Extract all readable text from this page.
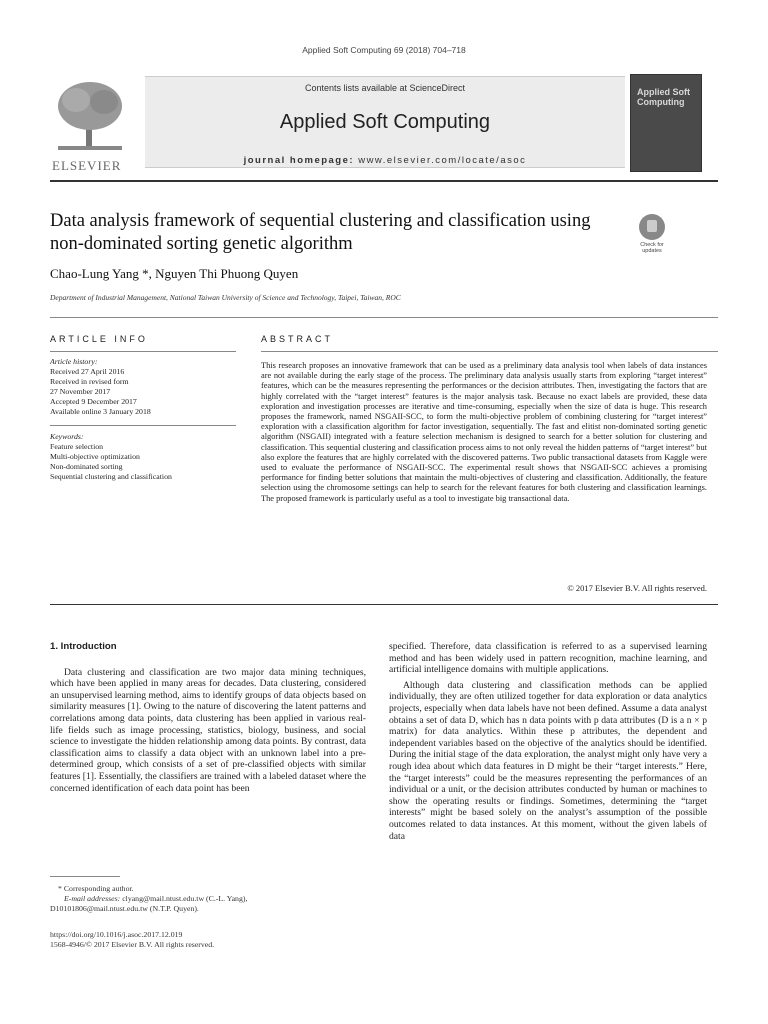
Applied Soft Computing 69 (2018) 704–718
ELSEVIER
Contents lists available at ScienceDirect
Applied Soft Computing
journal homepage: www.elsevier.com/locate/asoc
Applied Soft Computing
Data analysis framework of sequential clustering and classification using non-dominated sorting genetic algorithm	Check for updates
Chao-Lung Yang *, Nguyen Thi Phuong Quyen
Department of Industrial Management, National Taiwan University of Science and Technology, Taipei, Taiwan, ROC
ARTICLE INFO	ABSTRACT
Article history:
Received 27 April 2016
Received in revised form
27 November 2017
Accepted 9 December 2017
Available online 3 January 2018
Keywords:
Feature selection
Multi-objective optimization
Non-dominated sorting
Sequential clustering and classification
This research proposes an innovative framework that can be used as a preliminary data analysis tool when labels of data instances are not available during the early stage of the process. The preliminary data analysis usually starts from exploring “target interest” features, which can be the measures representing the performances or the decision attributes. Then, investigating the factors that are highly correlated with the “target interest” features is the major analysis task. Because no exact labels are provided, these data exploration and investigation processes are iterative and time-consuming, especially when the size of data is huge. This research proposes the framework, named NSGAII-SCC, to form the multi-objective problem of combining clustering for “target interest” exploration with a classification algorithm for factor investigation, sequentially. The fast and elitist non-dominated sorting genetic algorithm (NSGAII) integrated with a feature selection mechanism is designed to search for a better solution for clustering and classification. This sequential clustering and classification process aims to not only reveal the hidden patterns of “target interest” but also explore the features that are highly correlated with the discovered patterns. Two public transactional datasets from Kaggle were used to evaluate the performance of NSGAII-SCC. The experimental result shows that NSGAII-SCC achieves a promising performance for finding better solutions that maintain the multi-objectives of clustering and classification. Additionally, the feature selection using the chromosome settings can help to search for the relevant features for both clustering and classification learnings. The proposed framework is particularly useful as a tool to investigate big transactional data.
© 2017 Elsevier B.V. All rights reserved.

1. Introduction

Data clustering and classification are two major data mining techniques, which have been applied in many areas for decades. Data clustering, considered an unsupervised learning method, aims to identify groups of data objects based on similarity measures [1]. Owing to the nature of discovering the latent patterns and correlations among data points, data clustering has been applied in various real-life fields such as image processing, statistics, biology, business, and social science to investigate the hidden relationship among data points. By contrast, data classification aims to classify a data object with an unknown label into a pre-determined group, which consists of a set of pre-classified objects with similar features [1]. Essentially, the classifiers are trained with a labeled dataset where the concerned identification of each data point has been

specified. Therefore, data classification is referred to as a supervised learning method and has been widely used in pattern recognition, machine learning, and artificial intelligence domains with multiple applications.

Although data clustering and classification methods can be applied individually, they are often utilized together for data exploration or data analytics projects, especially when data labels have not been defined. Assume a data analyst obtains a set of data D, which has n data points with p data attributes (D is a n × p matrix) for data analytics. Within these p attributes, the dependent and independent variables based on the objective of the analytics should be identified. During the initial stage of the data exploration, the analyst might only have very a rough idea about which data features in D might be their “target interests.” Here, the “target interests” could be the measures representing the performances of an individual or a unit, or the decision attributes conducted by human or machines to show the operating results or findings. Sometimes, determining the “target interests” might be based solely on the analyst’s assumption of the possible outcomes related to data instances. At this moment, without the given labels of data

* Corresponding author.
E-mail addresses: clyang@mail.ntust.edu.tw (C.-L. Yang),
D10101806@mail.ntust.edu.tw (N.T.P. Quyen).
https://doi.org/10.1016/j.asoc.2017.12.019
1568-4946/© 2017 Elsevier B.V. All rights reserved.
